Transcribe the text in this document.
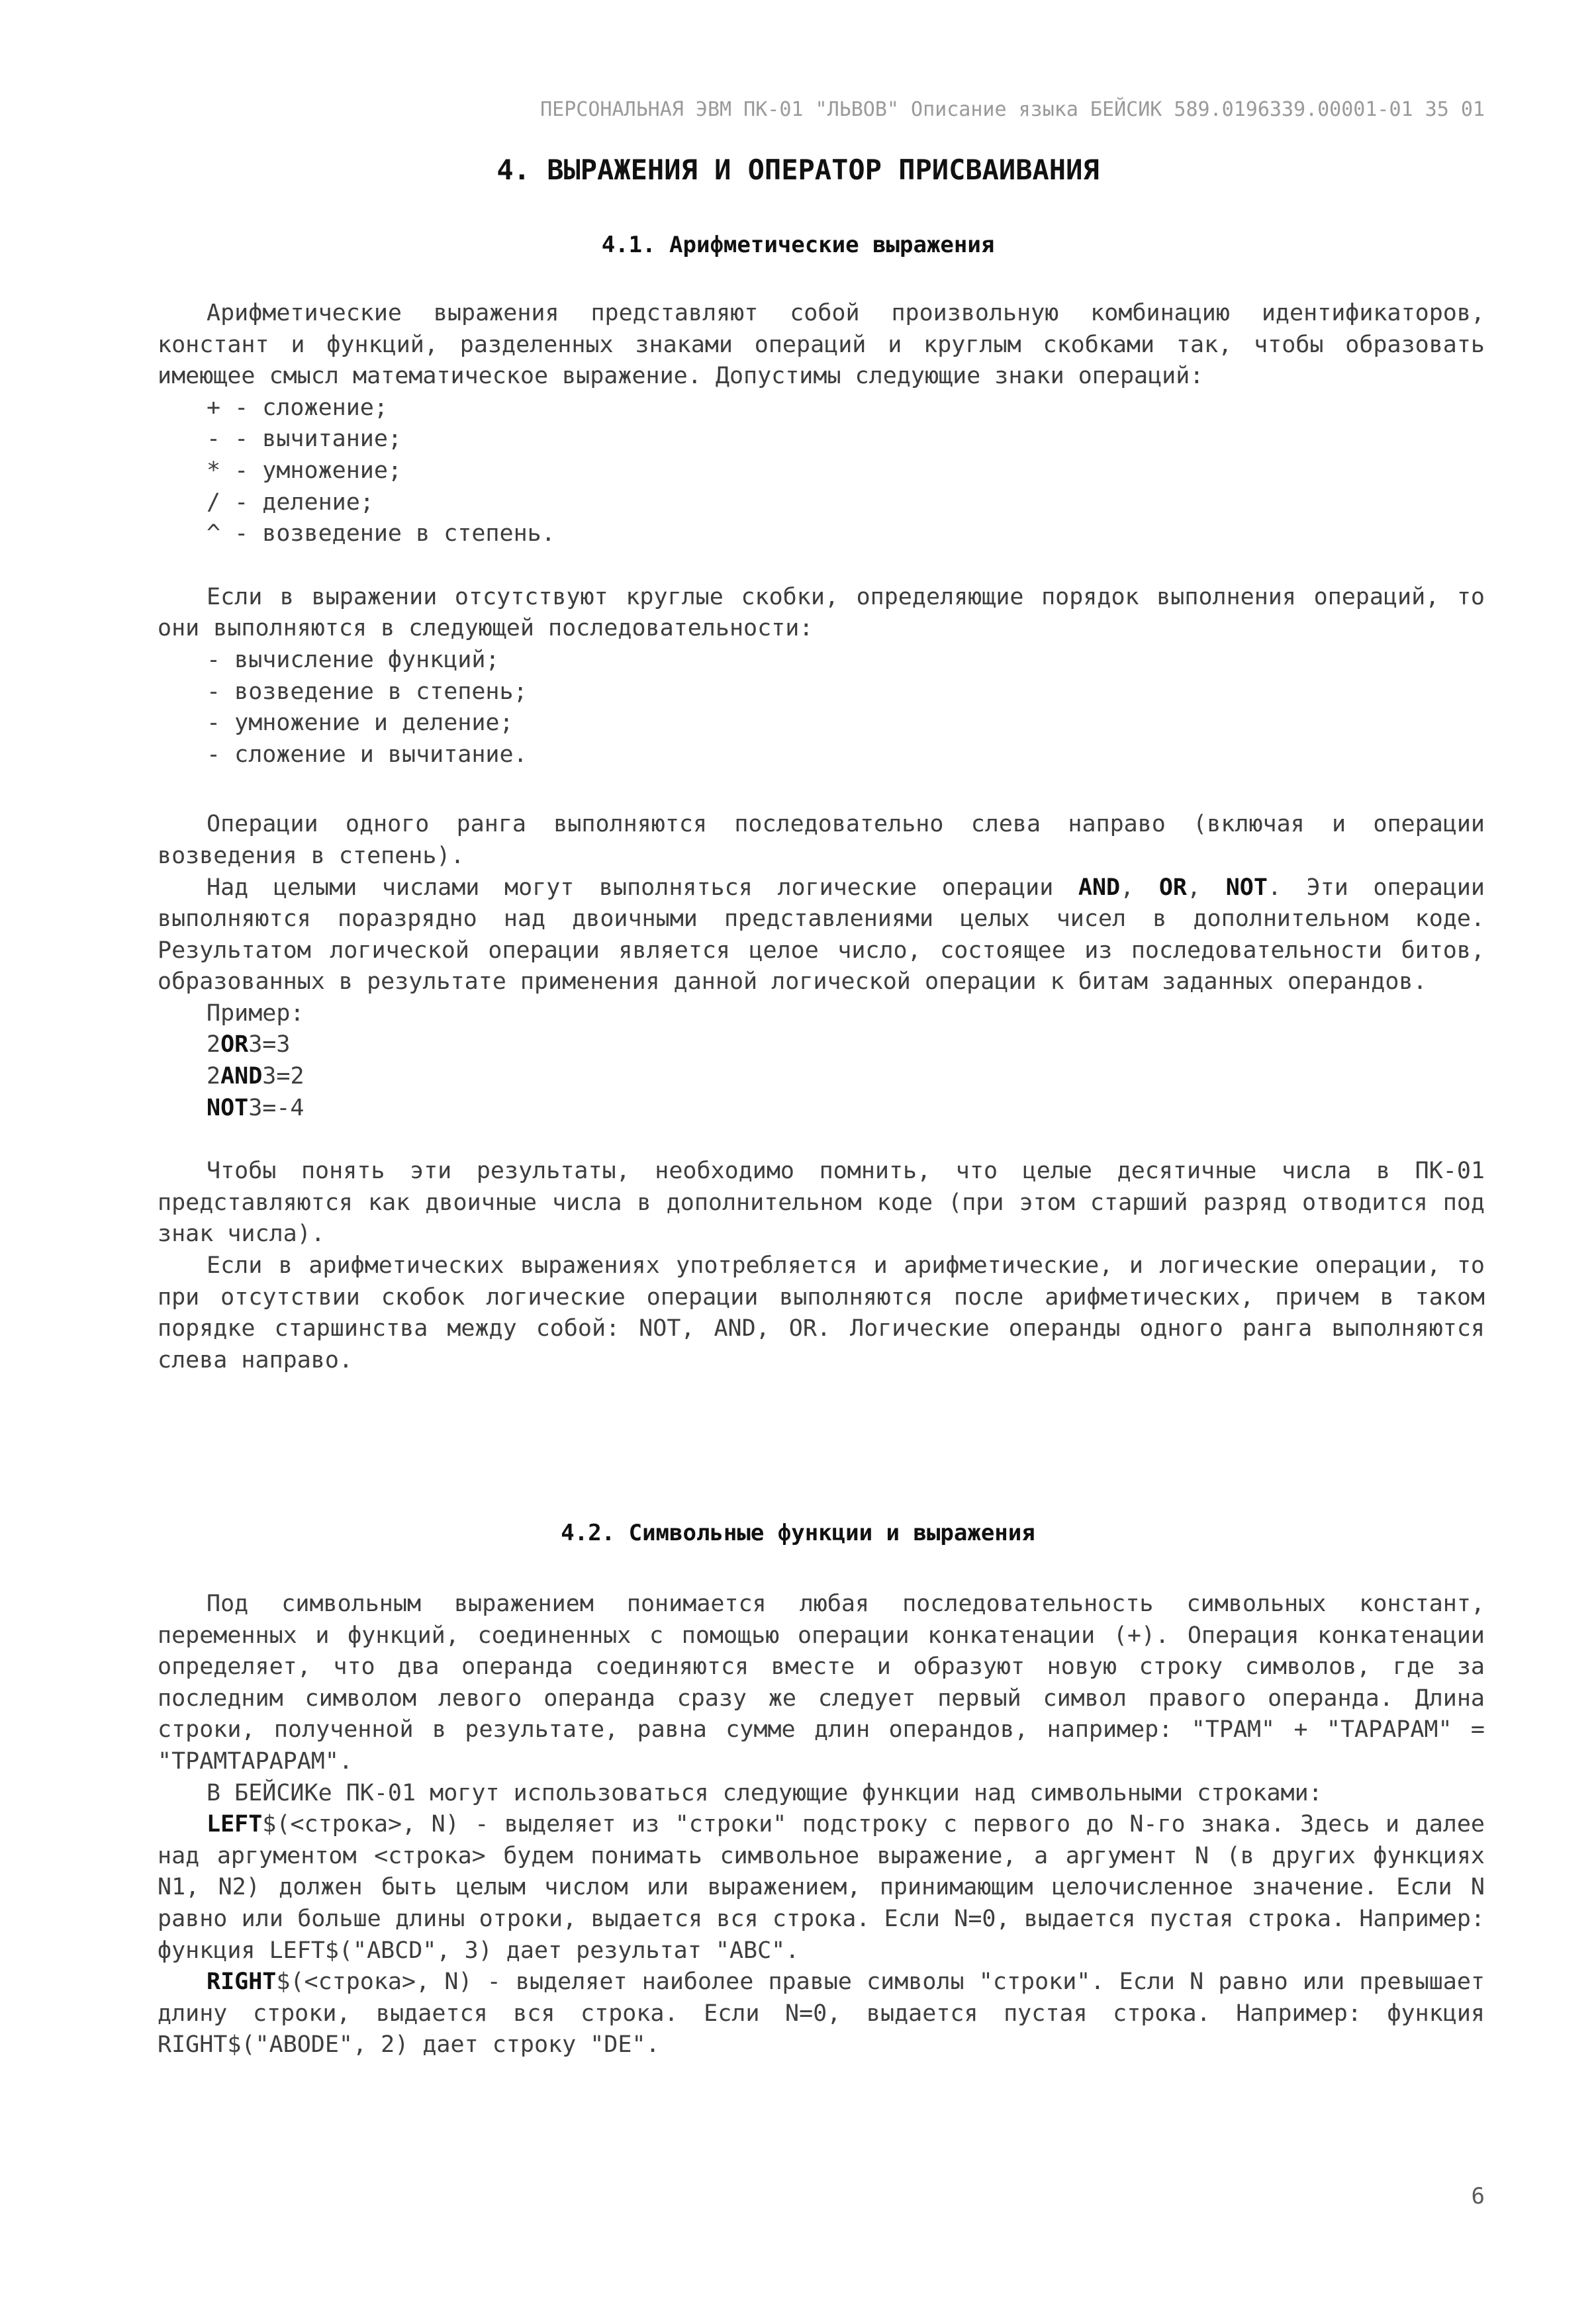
ПЕРСОНАЛЬНАЯ ЭВМ ПК-01 "ЛЬВОВ" Описание языка БЕЙСИК 589.0196339.00001-01 35 01
4. ВЫРАЖЕНИЯ И ОПЕРАТОР ПРИСВАИВАНИЯ
4.1. Арифметические выражения

Арифметические выражения представляют собой произвольную комбинацию идентификаторов, констант и функций, разделенных знаками операций и круглым скобками так, чтобы образовать имеющее смысл математическое выражение. Допустимы следующие знаки операций:

+ - сложение;
- - вычитание;
* - умножение;
/ - деление;
^ - возведение в степень.

Если в выражении отсутствуют круглые скобки, определяющие порядок выполнения операций, то они выполняются в следующей последовательности:

- вычисление функций;
- возведение в степень;
- умножение и деление;
- сложение и вычитание.

Операции одного ранга выполняются последовательно слева направо (включая и операции возведения в степень).

Над целыми числами могут выполняться логические операции AND, OR, NOT. Эти операции выполняются поразрядно над двоичными представлениями целых чисел в дополнительном коде. Результатом логической операции является целое число, состоящее из последовательности битов, образованных в результате применения данной логической операции к битам заданных операндов.

Пример:
2OR3=3
2AND3=2
NOT3=-4

Чтобы понять эти результаты, необходимо помнить, что целые десятичные числа в ПК-01 представляются как двоичные числа в дополнительном коде (при этом старший разряд отводится под знак числа).

Если в арифметических выражениях употребляется и арифметические, и логические операции, то при отсутствии скобок логические операции выполняются после арифметических, причем в таком порядке старшинства между собой: NOT, AND, OR. Логические операнды одного ранга выполняются слева направо.

4.2. Символьные функции и выражения

Под символьным выражением понимается любая последовательность символьных констант, переменных и функций, соединенных с помощью операции конкатенации (+). Операция конкатенации определяет, что два операнда соединяются вместе и образуют новую строку символов, где за последним символом левого операнда сразу же следует первый символ правого операнда. Длина строки, полученной в результате, равна сумме длин операндов, например: "ТРАМ" + "ТАРАРАМ" = "ТРАМТАРАРАМ".

В БЕЙСИКе ПК-01 могут использоваться следующие функции над символьными строками:

LEFT$(<строка>, N) - выделяет из "строки" подстроку с первого до N-го знака. Здесь и далее над аргументом <строка> будем понимать символьное выражение, а аргумент N (в других функциях N1, N2) должен быть целым числом или выражением, принимающим целочисленное значение. Если N равно или больше длины отроки, выдается вся строка. Если N=0, выдается пустая строка. Например: функция LEFT$("ABCD", 3) дает результат "ABC".

RIGHT$(<строка>, N) - выделяет наиболее правые символы "строки". Если N равно или превышает длину строки, выдается вся строка. Если N=0, выдается пустая строка. Например: функция RIGHT$("ABODE", 2) дает строку "DE".

6
